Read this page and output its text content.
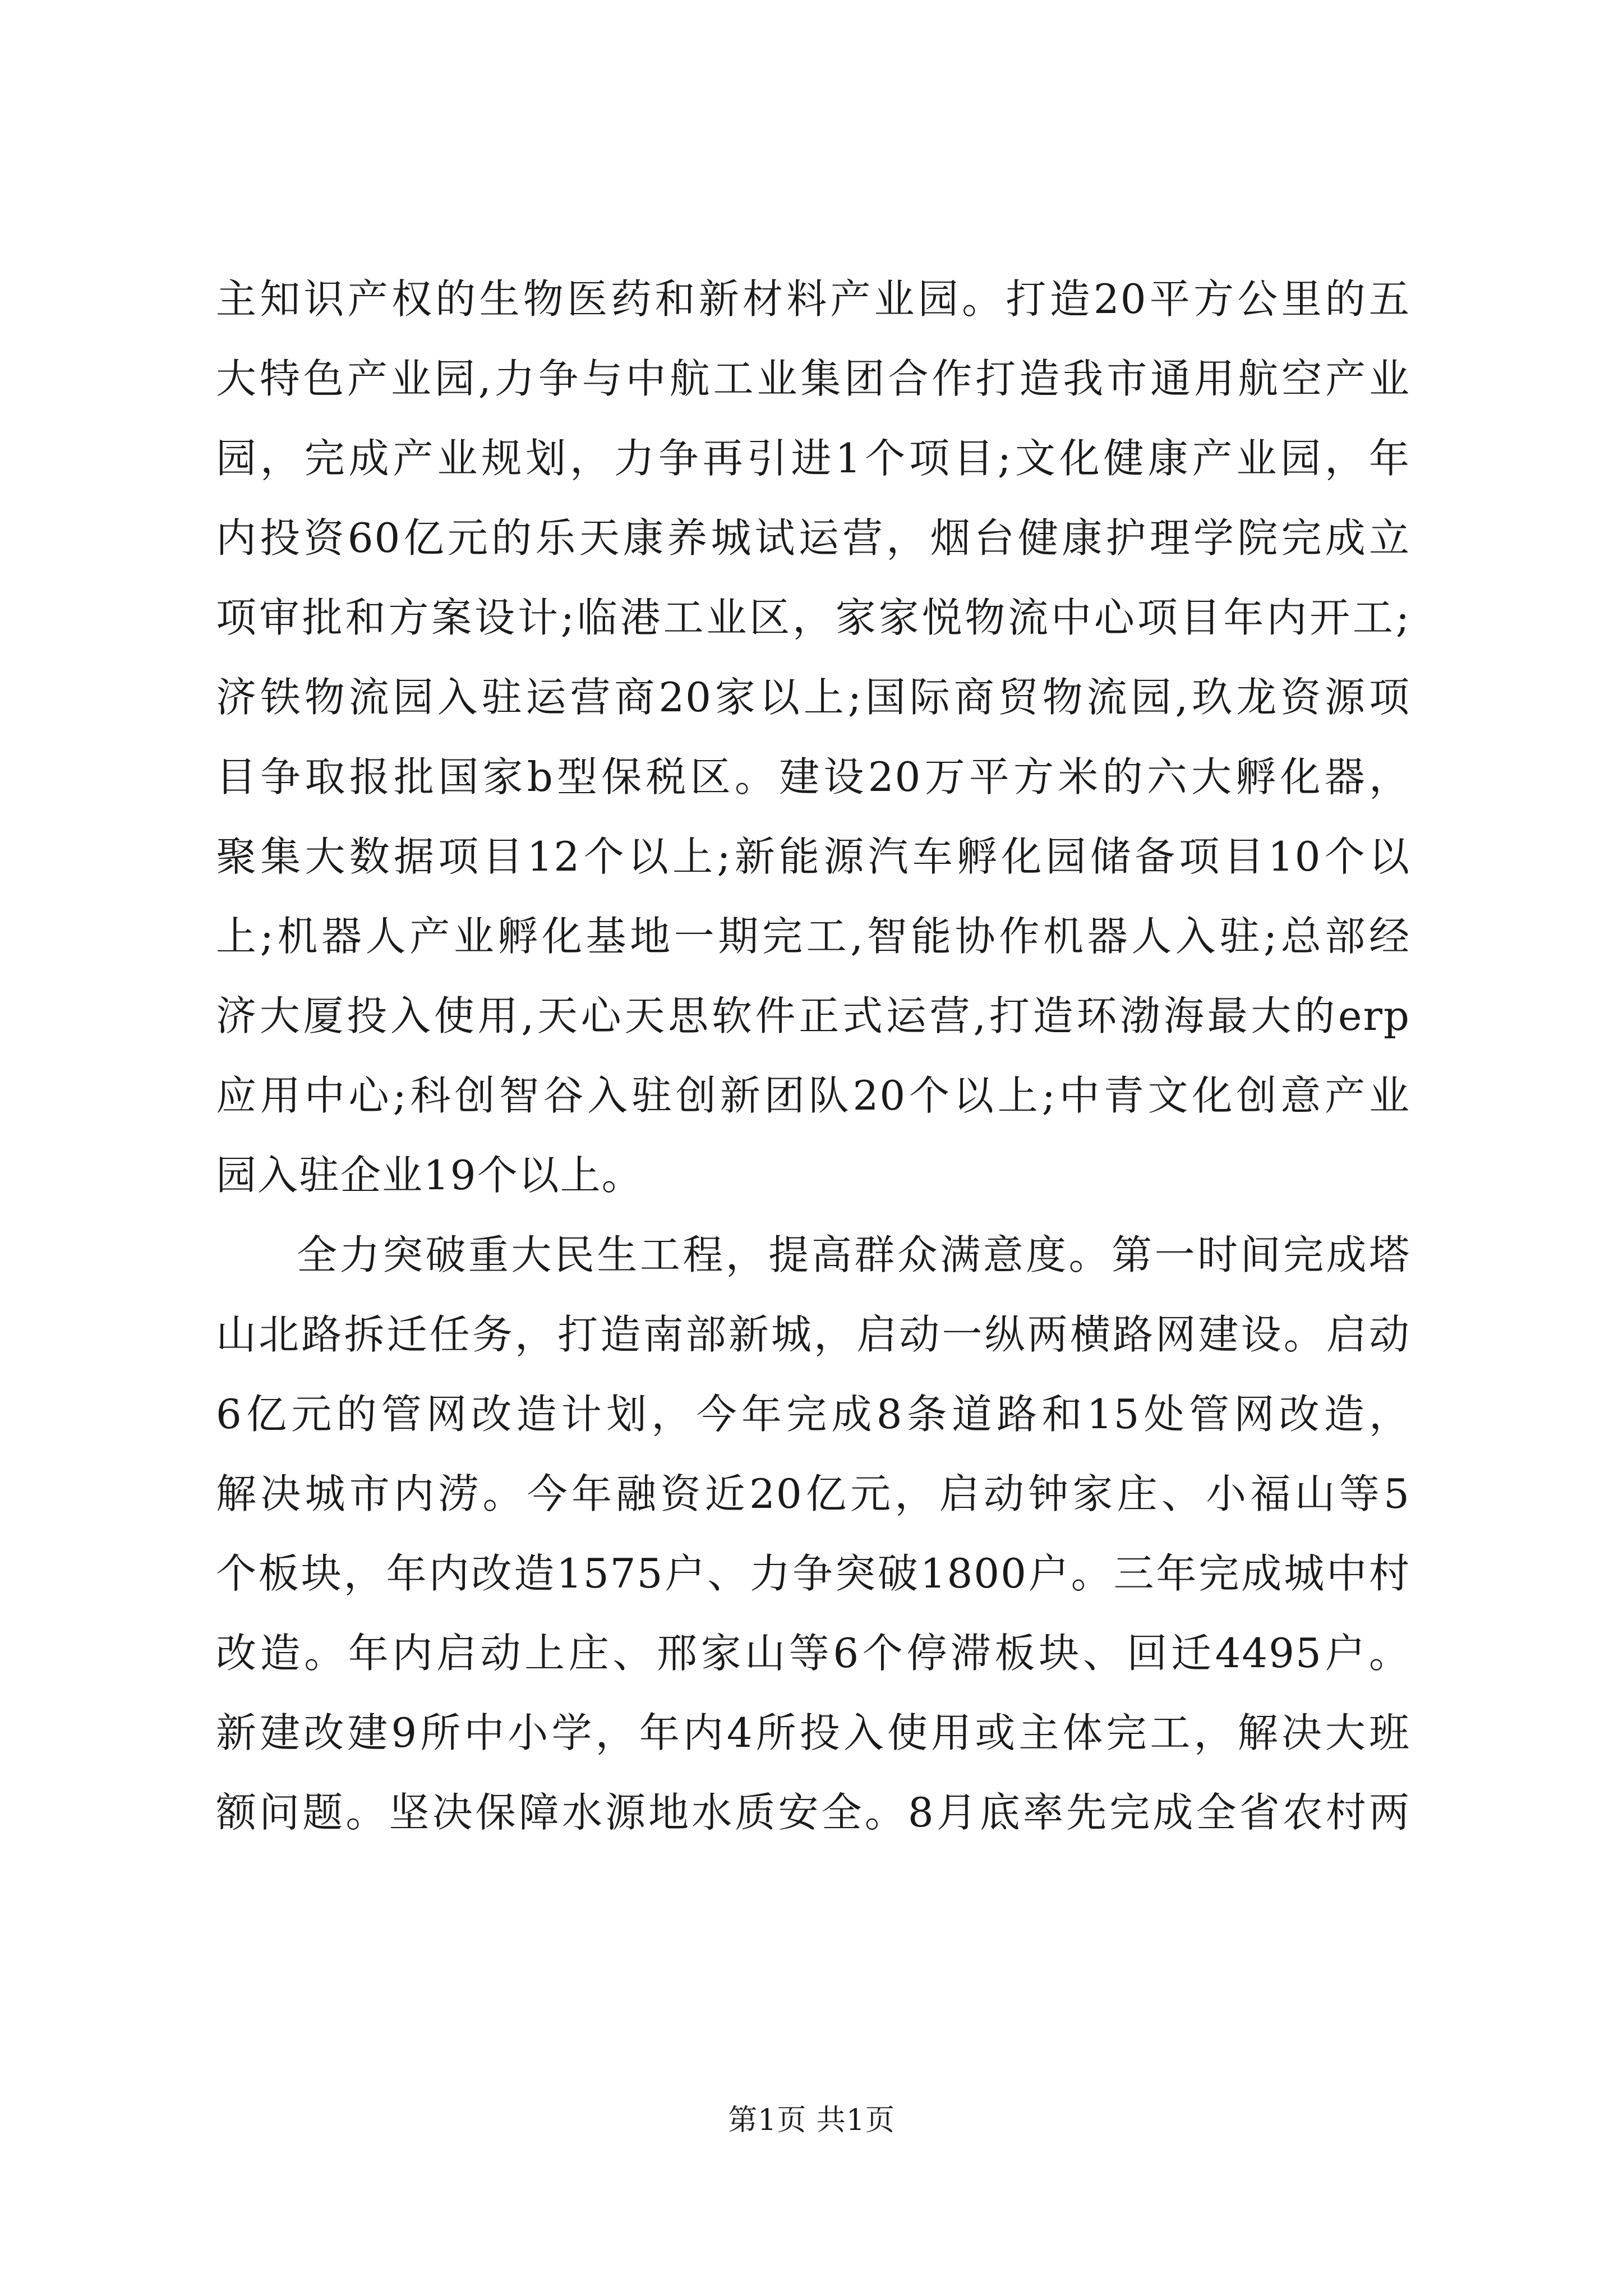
主知识产权的生物医药和新材料产业园。打造20平方公里的五
大特色产业园,力争与中航工业集团合作打造我市通用航空产业
园，完成产业规划，力争再引进1个项目;文化健康产业园，年
内投资60亿元的乐天康养城试运营，烟台健康护理学院完成立
项审批和方案设计;临港工业区，家家悦物流中心项目年内开工;
济铁物流园入驻运营商20家以上;国际商贸物流园,玖龙资源项
目争取报批国家b型保税区。建设20万平方米的六大孵化器，
聚集大数据项目12个以上;新能源汽车孵化园储备项目10个以
上;机器人产业孵化基地一期完工,智能协作机器人入驻;总部经
济大厦投入使用,天心天思软件正式运营,打造环渤海最大的erp
应用中心;科创智谷入驻创新团队20个以上;中青文化创意产业
园入驻企业19个以上。
全力突破重大民生工程，提高群众满意度。第一时间完成塔
山北路拆迁任务，打造南部新城，启动一纵两横路网建设。启动
6亿元的管网改造计划，今年完成8条道路和15处管网改造，
解决城市内涝。今年融资近20亿元，启动钟家庄、小福山等5
个板块，年内改造1575户、力争突破1800户。三年完成城中村
改造。年内启动上庄、邢家山等6个停滞板块、回迁4495户。
新建改建9所中小学，年内4所投入使用或主体完工，解决大班
额问题。坚决保障水源地水质安全。8月底率先完成全省农村两
第1页 共1页
